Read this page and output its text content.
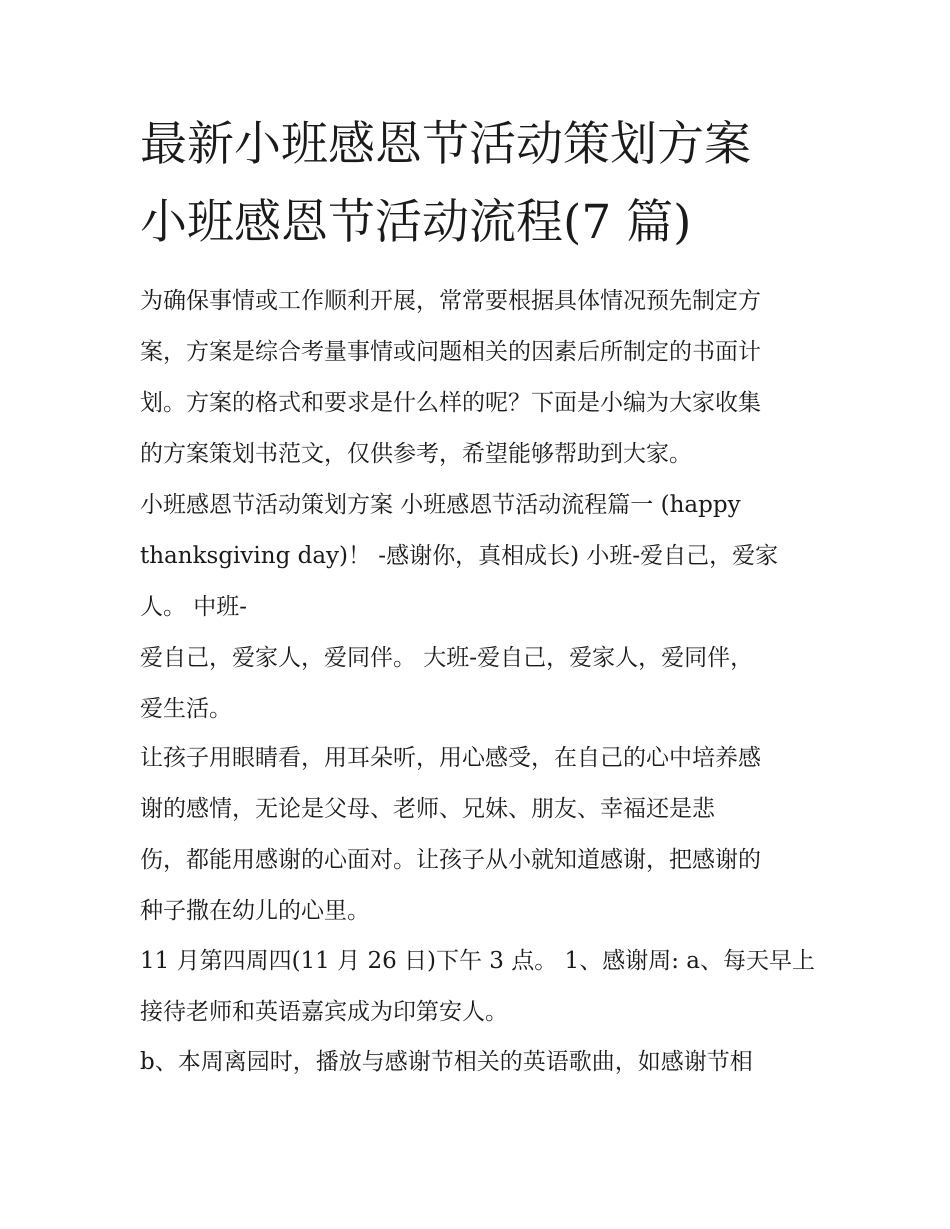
最新小班感恩节活动策划方案
小班感恩节活动流程(7 篇)

为确保事情或工作顺利开展，常常要根据具体情况预先制定方

案，方案是综合考量事情或问题相关的因素后所制定的书面计

划。方案的格式和要求是什么样的呢？下面是小编为大家收集

的方案策划书范文，仅供参考，希望能够帮助到大家。

小班感恩节活动策划方案 小班感恩节活动流程篇一 (happy

thanksgiving day)！ -感谢你，真相成长) 小班-爱自己，爱家

人。 中班-

爱自己，爱家人，爱同伴。 大班-爱自己，爱家人，爱同伴，

爱生活。

让孩子用眼睛看，用耳朵听，用心感受，在自己的心中培养感

谢的感情，无论是父母、老师、兄妹、朋友、幸福还是悲

伤，都能用感谢的心面对。让孩子从小就知道感谢，把感谢的

种子撒在幼儿的心里。

11 月第四周四(11 月 26 日)下午 3 点。 1、感谢周: a、每天早上

接待老师和英语嘉宾成为印第安人。

b、本周离园时，播放与感谢节相关的英语歌曲，如感谢节相
